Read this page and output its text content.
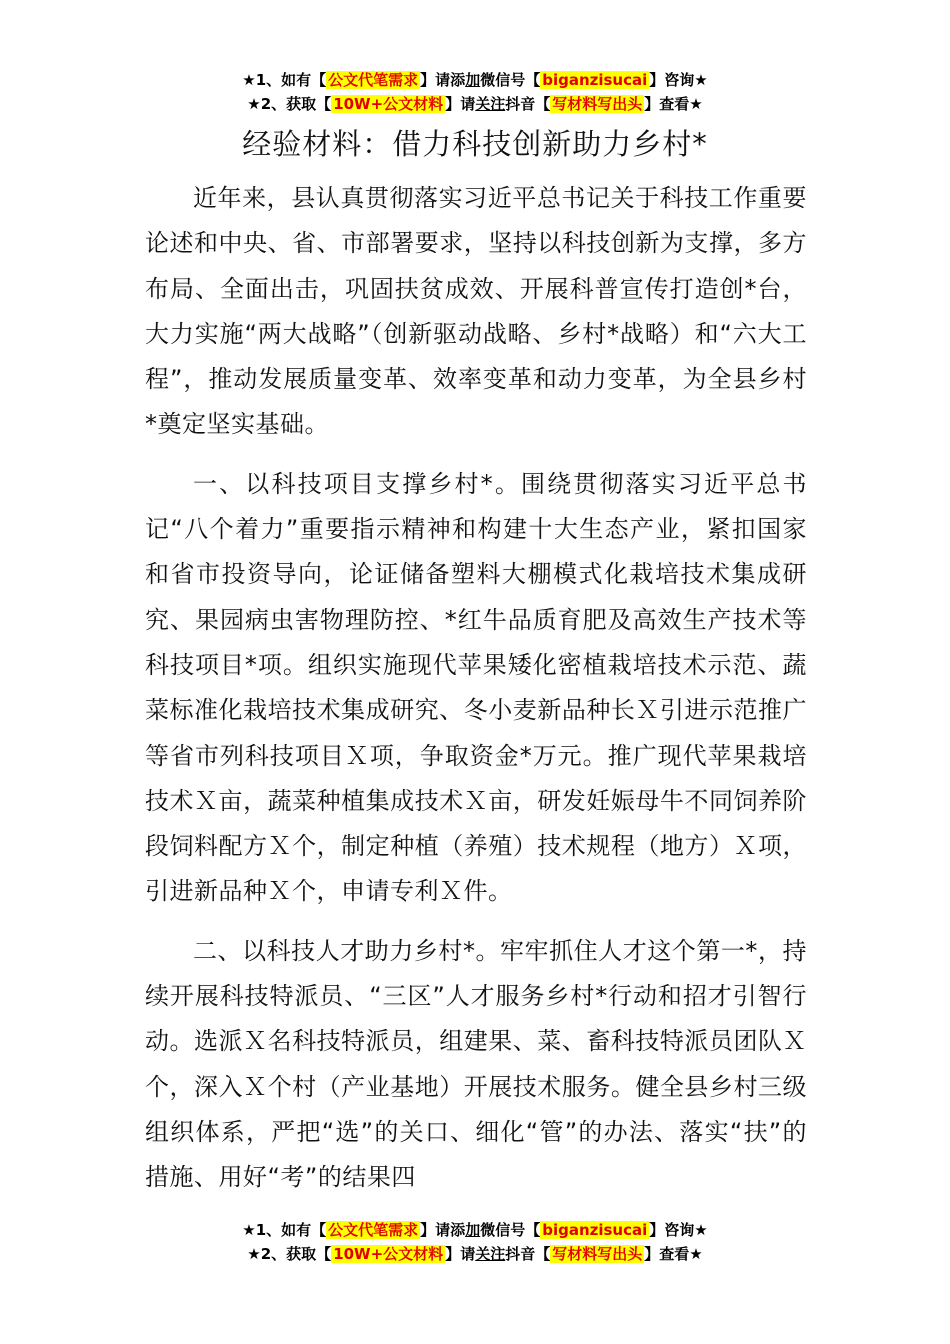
★1、如有【 公文代笔需求 】请添加微信号【 biganzisucai 】咨询★
★2、获取【 10W+公文材料 】请关注抖音【 写材料写出头 】查看★
经验材料：借力科技创新助力乡村*

近年来，县认真贯彻落实习近平总书记关于科技工作重要论述和中央、省、市部署要求，坚持以科技创新为支撑，多方布局、全面出击，巩固扶贫成效、开展科普宣传打造创*台，大力实施“两大战略”（创新驱动战略、乡村*战略）和“六大工程”，推动发展质量变革、效率变革和动力变革，为全县乡村*奠定坚实基础。

一、以科技项目支撑乡村*。围绕贯彻落实习近平总书记“八个着力”重要指示精神和构建十大生态产业，紧扣国家和省市投资导向，论证储备塑料大棚模式化栽培技术集成研究、果园病虫害物理防控、*红牛品质育肥及高效生产技术等科技项目*项。组织实施现代苹果矮化密植栽培技术示范、蔬菜标准化栽培技术集成研究、冬小麦新品种长Ｘ引进示范推广等省市列科技项目Ｘ项，争取资金*万元。推广现代苹果栽培技术Ｘ亩，蔬菜种植集成技术Ｘ亩，研发妊娠母牛不同饲养阶段饲料配方Ｘ个，制定种植（养殖）技术规程（地方）Ｘ项，引进新品种Ｘ个，申请专利Ｘ件。

二、以科技人才助力乡村*。牢牢抓住人才这个第一*，持续开展科技特派员、“三区”人才服务乡村*行动和招才引智行动。选派Ｘ名科技特派员，组建果、菜、畜科技特派员团队Ｘ个，深入Ｘ个村（产业基地）开展技术服务。健全县乡村三级组织体系，严把“选”的关口、细化“管”的办法、落实“扶”的措施、用好“考”的结果四

★1、如有【 公文代笔需求 】请添加微信号【 biganzisucai 】咨询★
★2、获取【 10W+公文材料 】请关注抖音【 写材料写出头 】查看★
